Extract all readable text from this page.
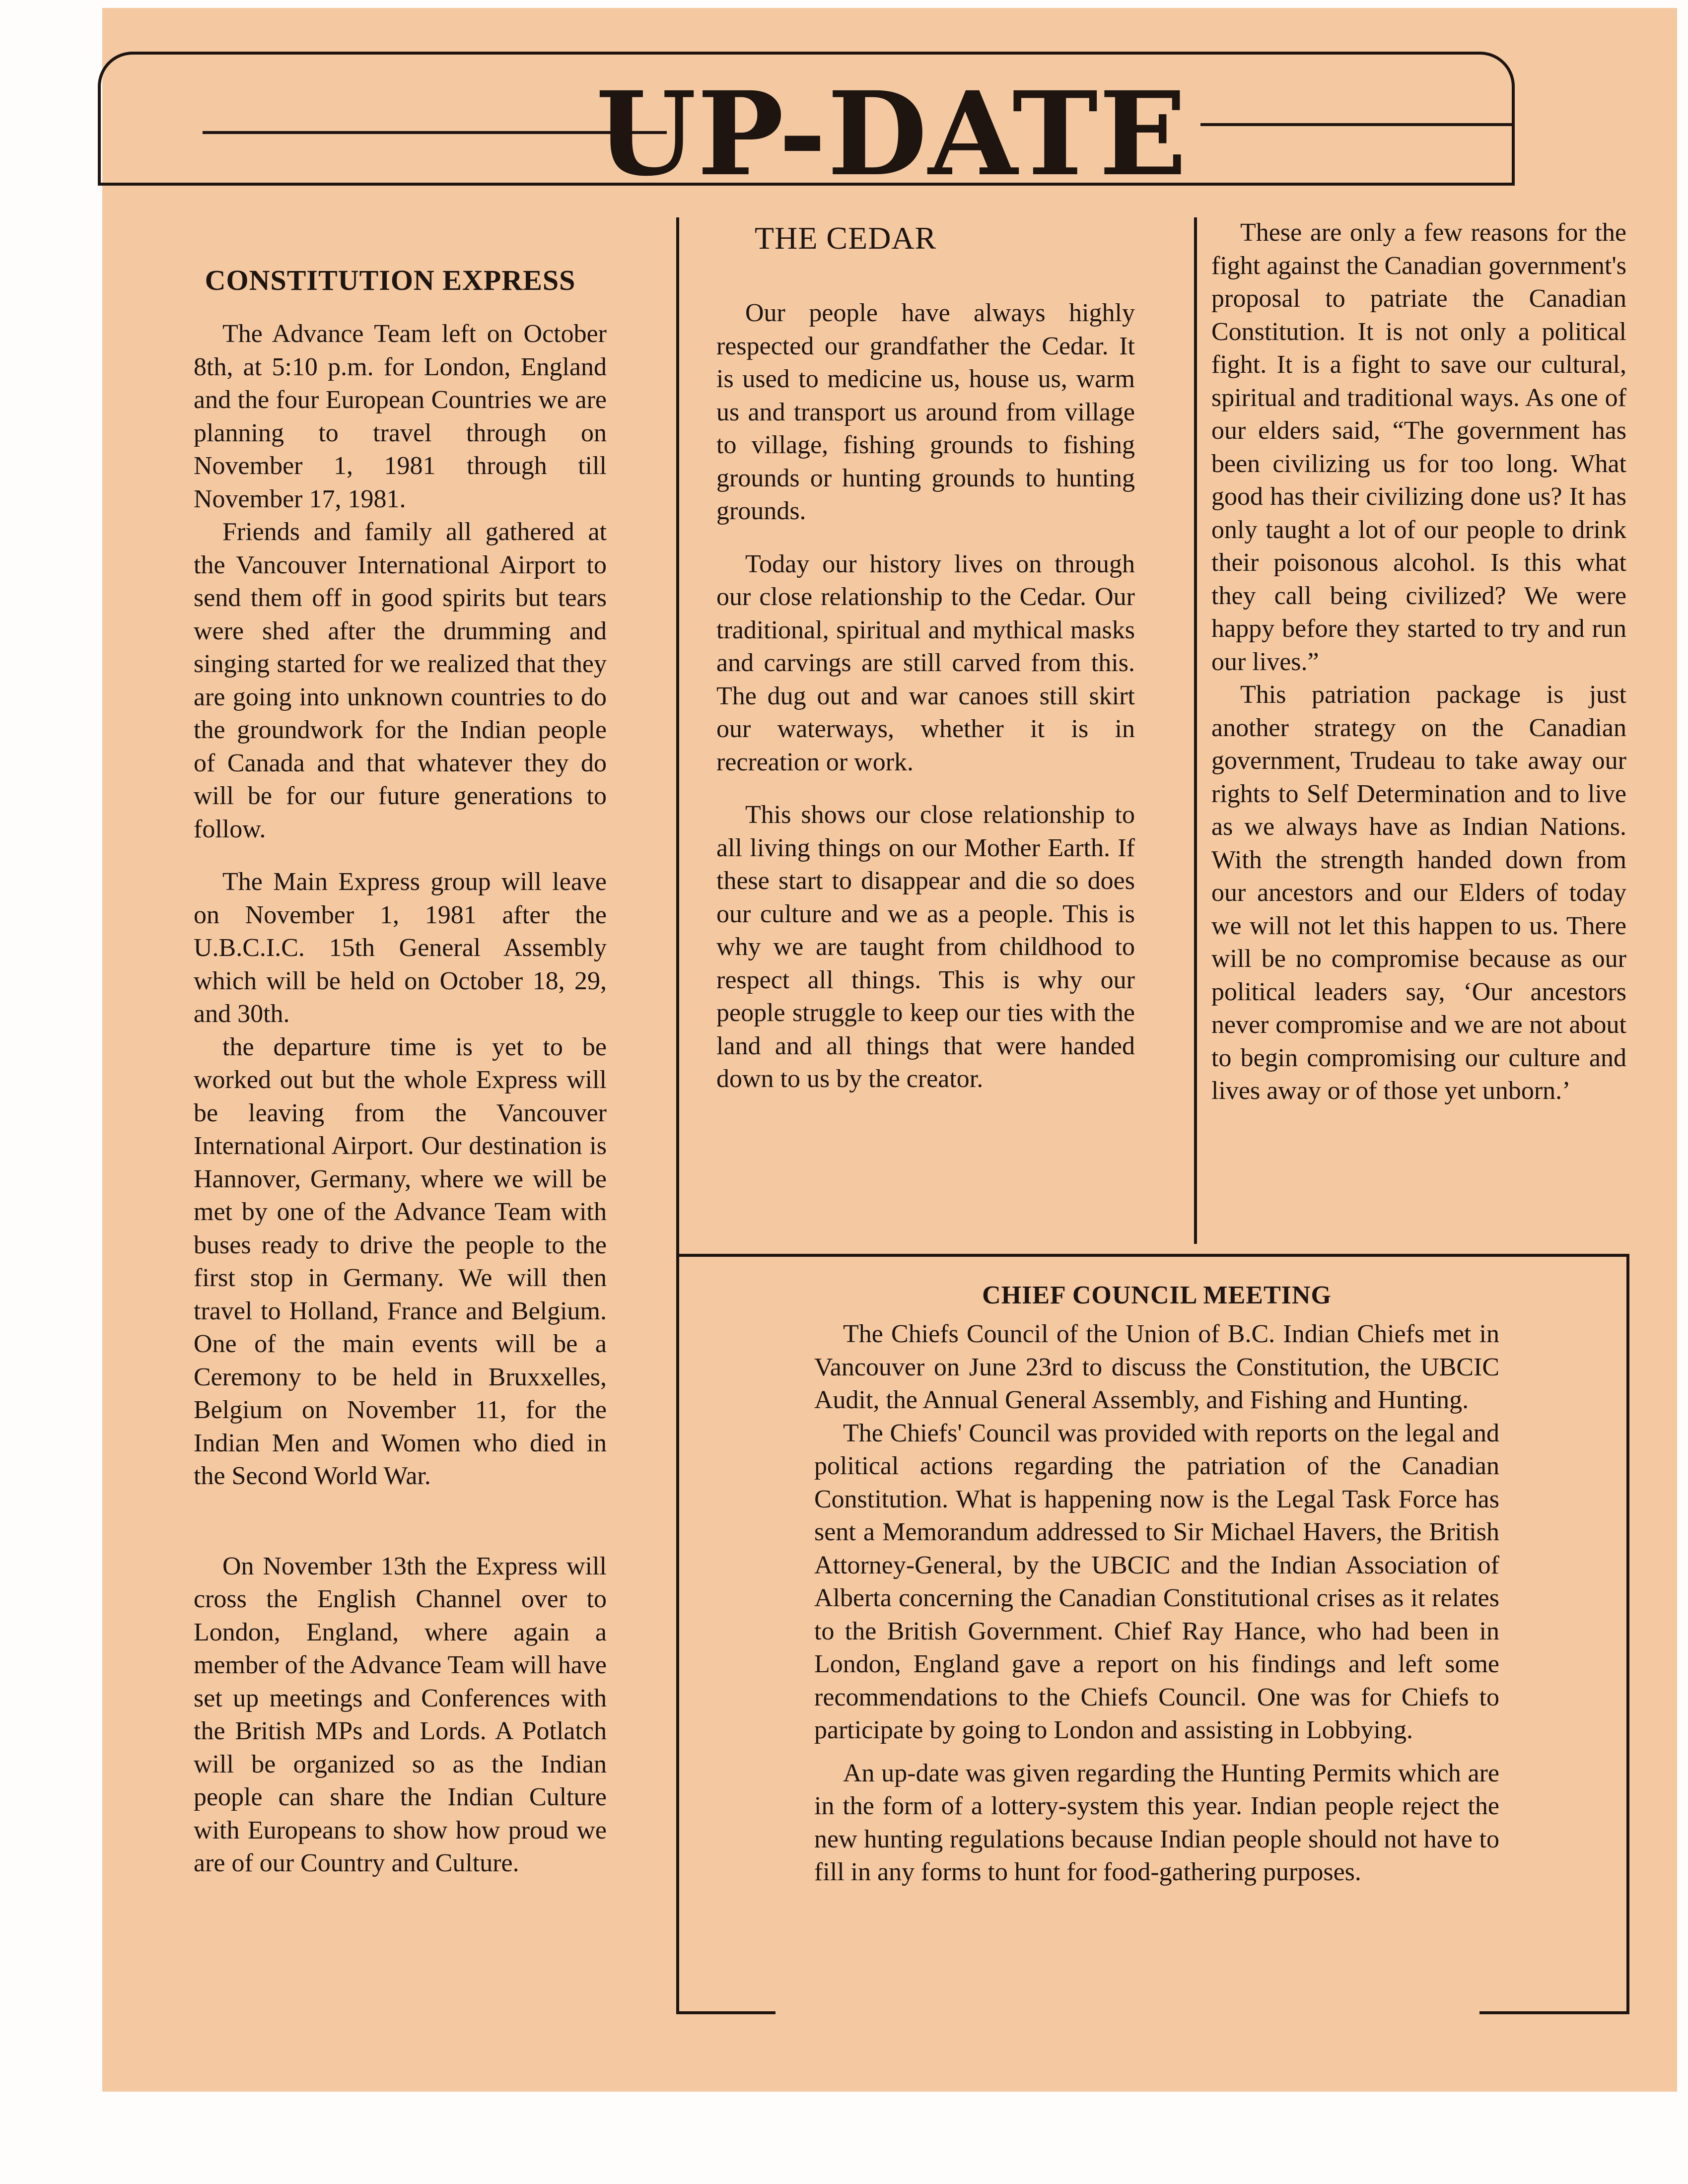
UP-DATE
CONSTITUTION EXPRESS

The Advance Team left on October 8th, at 5:10 p.m. for London, England and the four European Countries we are planning to travel through on November 1, 1981 through till November 17, 1981.

Friends and family all gathered at the Vancouver International Airport to send them off in good spirits but tears were shed after the drumming and singing started for we realized that they are going into unknown countries to do the groundwork for the Indian people of Canada and that whatever they do will be for our future generations to follow.

The Main Express group will leave on November 1, 1981 after the U.B.C.I.C. 15th General Assembly which will be held on October 18, 29, and 30th.

the departure time is yet to be worked out but the whole Express will be leaving from the Vancouver International Airport. Our destination is Hannover, Germany, where we will be met by one of the Advance Team with buses ready to drive the people to the first stop in Germany. We will then travel to Holland, France and Belgium. One of the main events will be a Ceremony to be held in Bruxxelles, Belgium on November 11, for the Indian Men and Women who died in the Second World War.

On November 13th the Express will cross the English Channel over to London, England, where again a member of the Advance Team will have set up meetings and Conferences with the British MPs and Lords. A Potlatch will be organized so as the Indian people can share the Indian Culture with Europeans to show how proud we are of our Country and Culture.

THE CEDAR

Our people have always highly respected our grandfather the Cedar. It is used to medicine us, house us, warm us and transport us around from village to village, fishing grounds to fishing grounds or hunting grounds to hunting grounds.

Today our history lives on through our close relationship to the Cedar. Our traditional, spiritual and mythical masks and carvings are still carved from this. The dug out and war canoes still skirt our waterways, whether it is in recreation or work.

This shows our close relationship to all living things on our Mother Earth. If these start to disappear and die so does our culture and we as a people. This is why we are taught from childhood to respect all things. This is why our people struggle to keep our ties with the land and all things that were handed down to us by the creator.

These are only a few reasons for the fight against the Canadian government's proposal to patriate the Canadian Constitution. It is not only a political fight. It is a fight to save our cultural, spiritual and traditional ways. As one of our elders said, “The government has been civilizing us for too long. What good has their civilizing done us? It has only taught a lot of our people to drink their poisonous alcohol. Is this what they call being civilized? We were happy before they started to try and run our lives.”

This patriation package is just another strategy on the Canadian government, Trudeau to take away our rights to Self Determination and to live as we always have as Indian Nations. With the strength handed down from our ancestors and our Elders of today we will not let this happen to us. There will be no compromise because as our political leaders say, ‘Our ancestors never compromise and we are not about to begin compromising our culture and lives away or of those yet unborn.’

CHIEF COUNCIL MEETING

The Chiefs Council of the Union of B.C. Indian Chiefs met in Vancouver on June 23rd to discuss the Constitution, the UBCIC Audit, the Annual General Assembly, and Fishing and Hunting.

The Chiefs' Council was provided with reports on the legal and political actions regarding the patriation of the Canadian Constitution. What is happening now is the Legal Task Force has sent a Memorandum addressed to Sir Michael Havers, the British Attorney-General, by the UBCIC and the Indian Association of Alberta concerning the Canadian Constitutional crises as it relates to the British Government. Chief Ray Hance, who had been in London, England gave a report on his findings and left some recommendations to the Chiefs Council. One was for Chiefs to participate by going to London and assisting in Lobbying.

An up-date was given regarding the Hunting Permits which are in the form of a lottery-system this year. Indian people reject the new hunting regulations because Indian people should not have to fill in any forms to hunt for food-gathering purposes.
